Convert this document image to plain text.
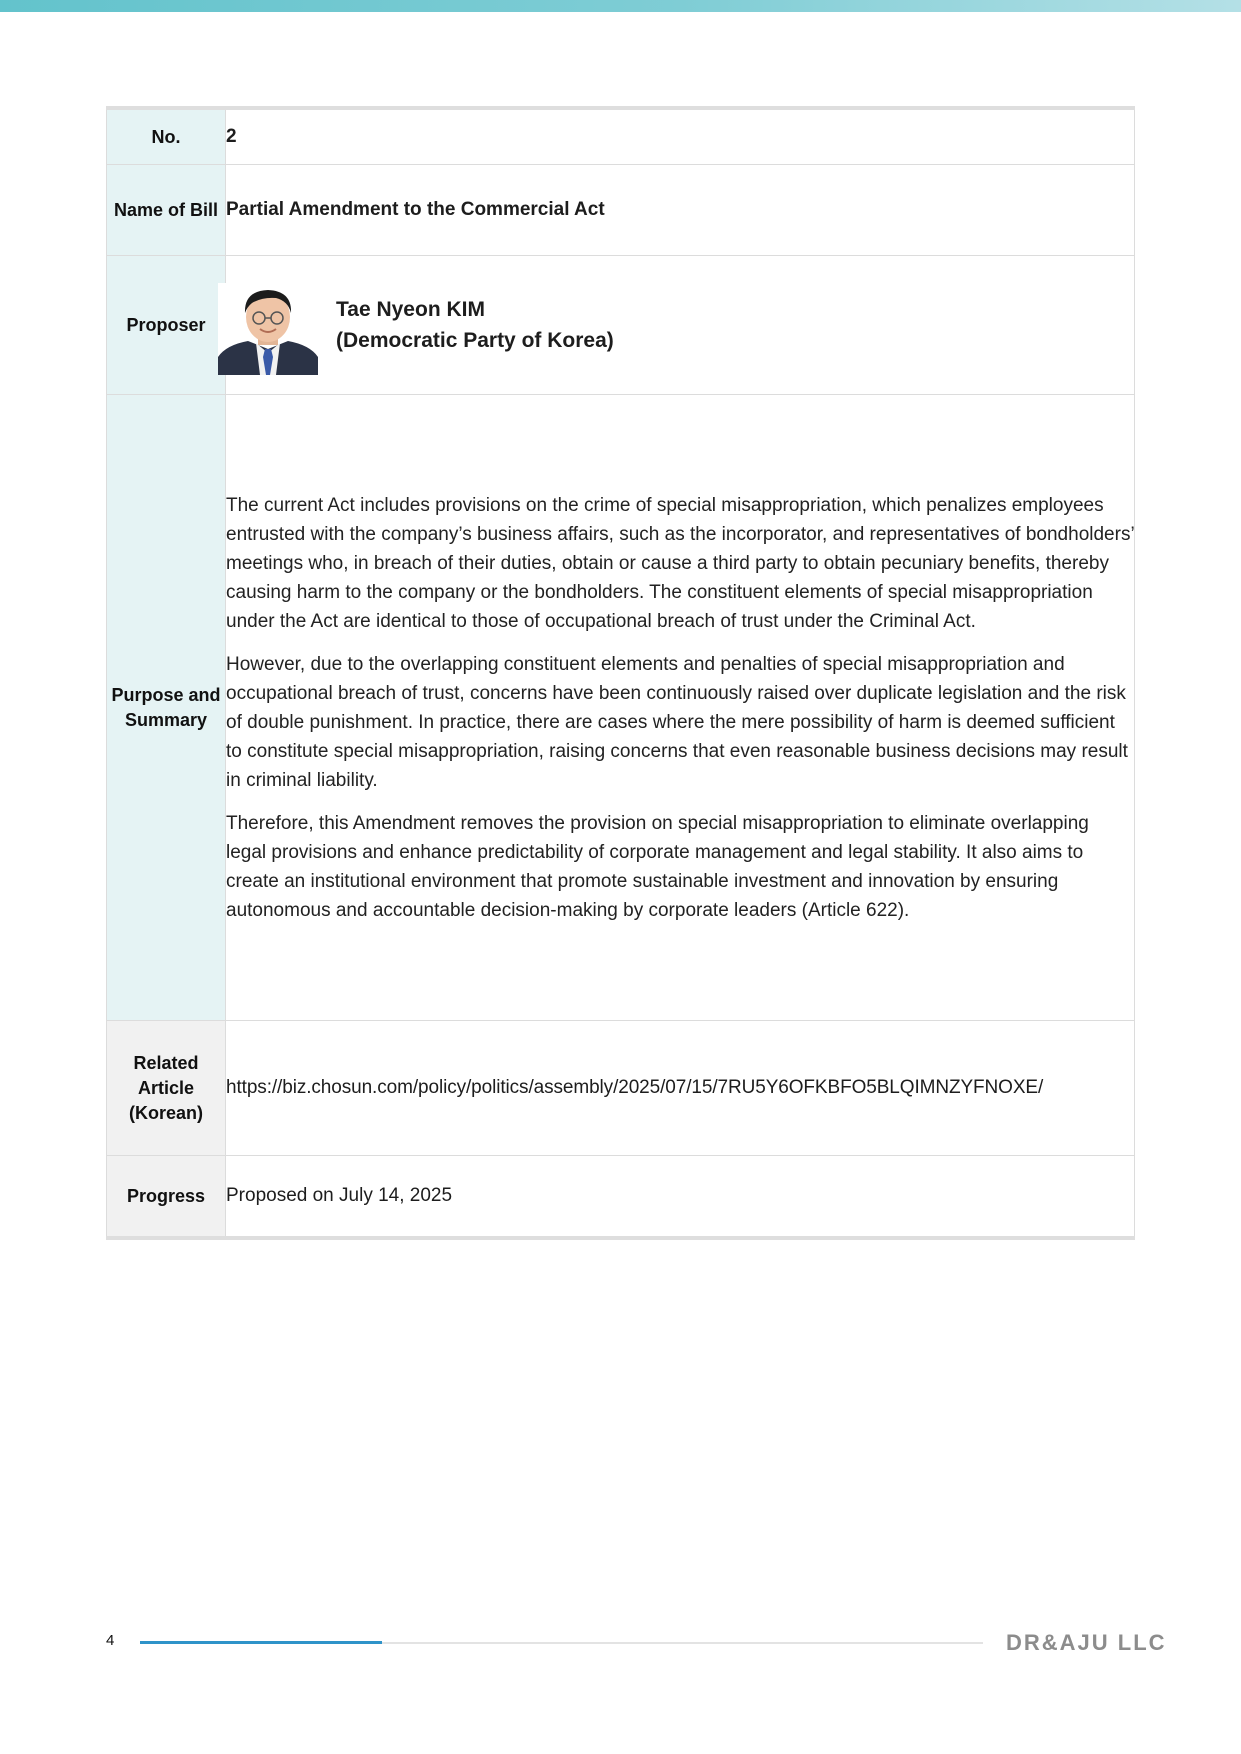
No.	2
Name of Bill	Partial Amendment to the Commercial Act
Proposer	Tae Nyeon KIM
(Democratic Party of Korea)

Purpose and Summary	The current Act includes provisions on the crime of special misappropriation, which penalizes employees entrusted with the company’s business affairs, such as the incorporator, and representatives of bondholders’ meetings who, in breach of their duties, obtain or cause a third party to obtain pecuniary benefits, thereby causing harm to the company or the bondholders. The constituent elements of special misappropriation under the Act are identical to those of occupational breach of trust under the Criminal Act.

However, due to the overlapping constituent elements and penalties of special misappropriation and occupational breach of trust, concerns have been continuously raised over duplicate legislation and the risk of double punishment. In practice, there are cases where the mere possibility of harm is deemed sufficient to constitute special misappropriation, raising concerns that even reasonable business decisions may result in criminal liability.

Therefore, this Amendment removes the provision on special misappropriation to eliminate overlapping legal provisions and enhance predictability of corporate management and legal stability. It also aims to create an institutional environment that promote sustainable investment and innovation by ensuring autonomous and accountable decision-making by corporate leaders (Article 622).

Related Article (Korean)	https://biz.chosun.com/policy/politics/assembly/2025/07/15/7RU5Y6OFKBFO5BLQIMNZYFNOXE/
Progress	Proposed on July 14, 2025
4	DR&AJU LLC
